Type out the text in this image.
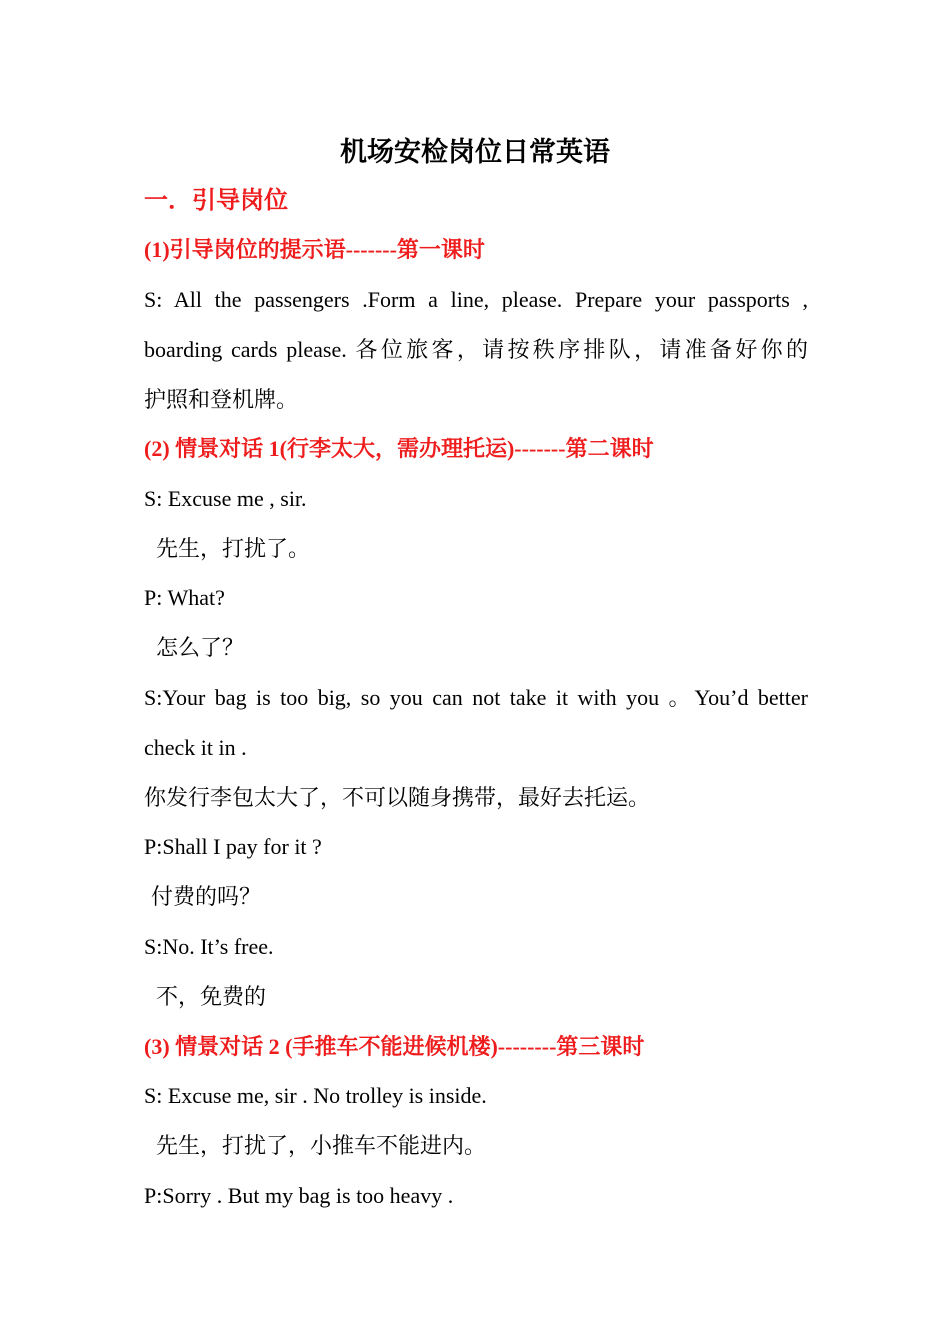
机场安检岗位日常英语
一．引导岗位
(1)引导岗位的提示语-------第一课时
S: All the passengers .Form a line, please. Prepare your passports ,
boarding cards please. 各位旅客，请按秩序排队，请准备好你的
护照和登机牌。
(2) 情景对话 1(行李太大，需办理托运)-------第二课时
S: Excuse me , sir.
先生，打扰了。
P: What?
怎么了？
S:Your bag is too big, so you can not take it with you 。You’d better
check it in .
你发行李包太大了，不可以随身携带，最好去托运。
P:Shall I pay for it ?
付费的吗？
S:No. It’s free.
不，免费的
(3) 情景对话 2 (手推车不能进候机楼)--------第三课时
S: Excuse me, sir . No trolley is inside.
先生，打扰了，小推车不能进内。
P:Sorry . But my bag is too heavy .
